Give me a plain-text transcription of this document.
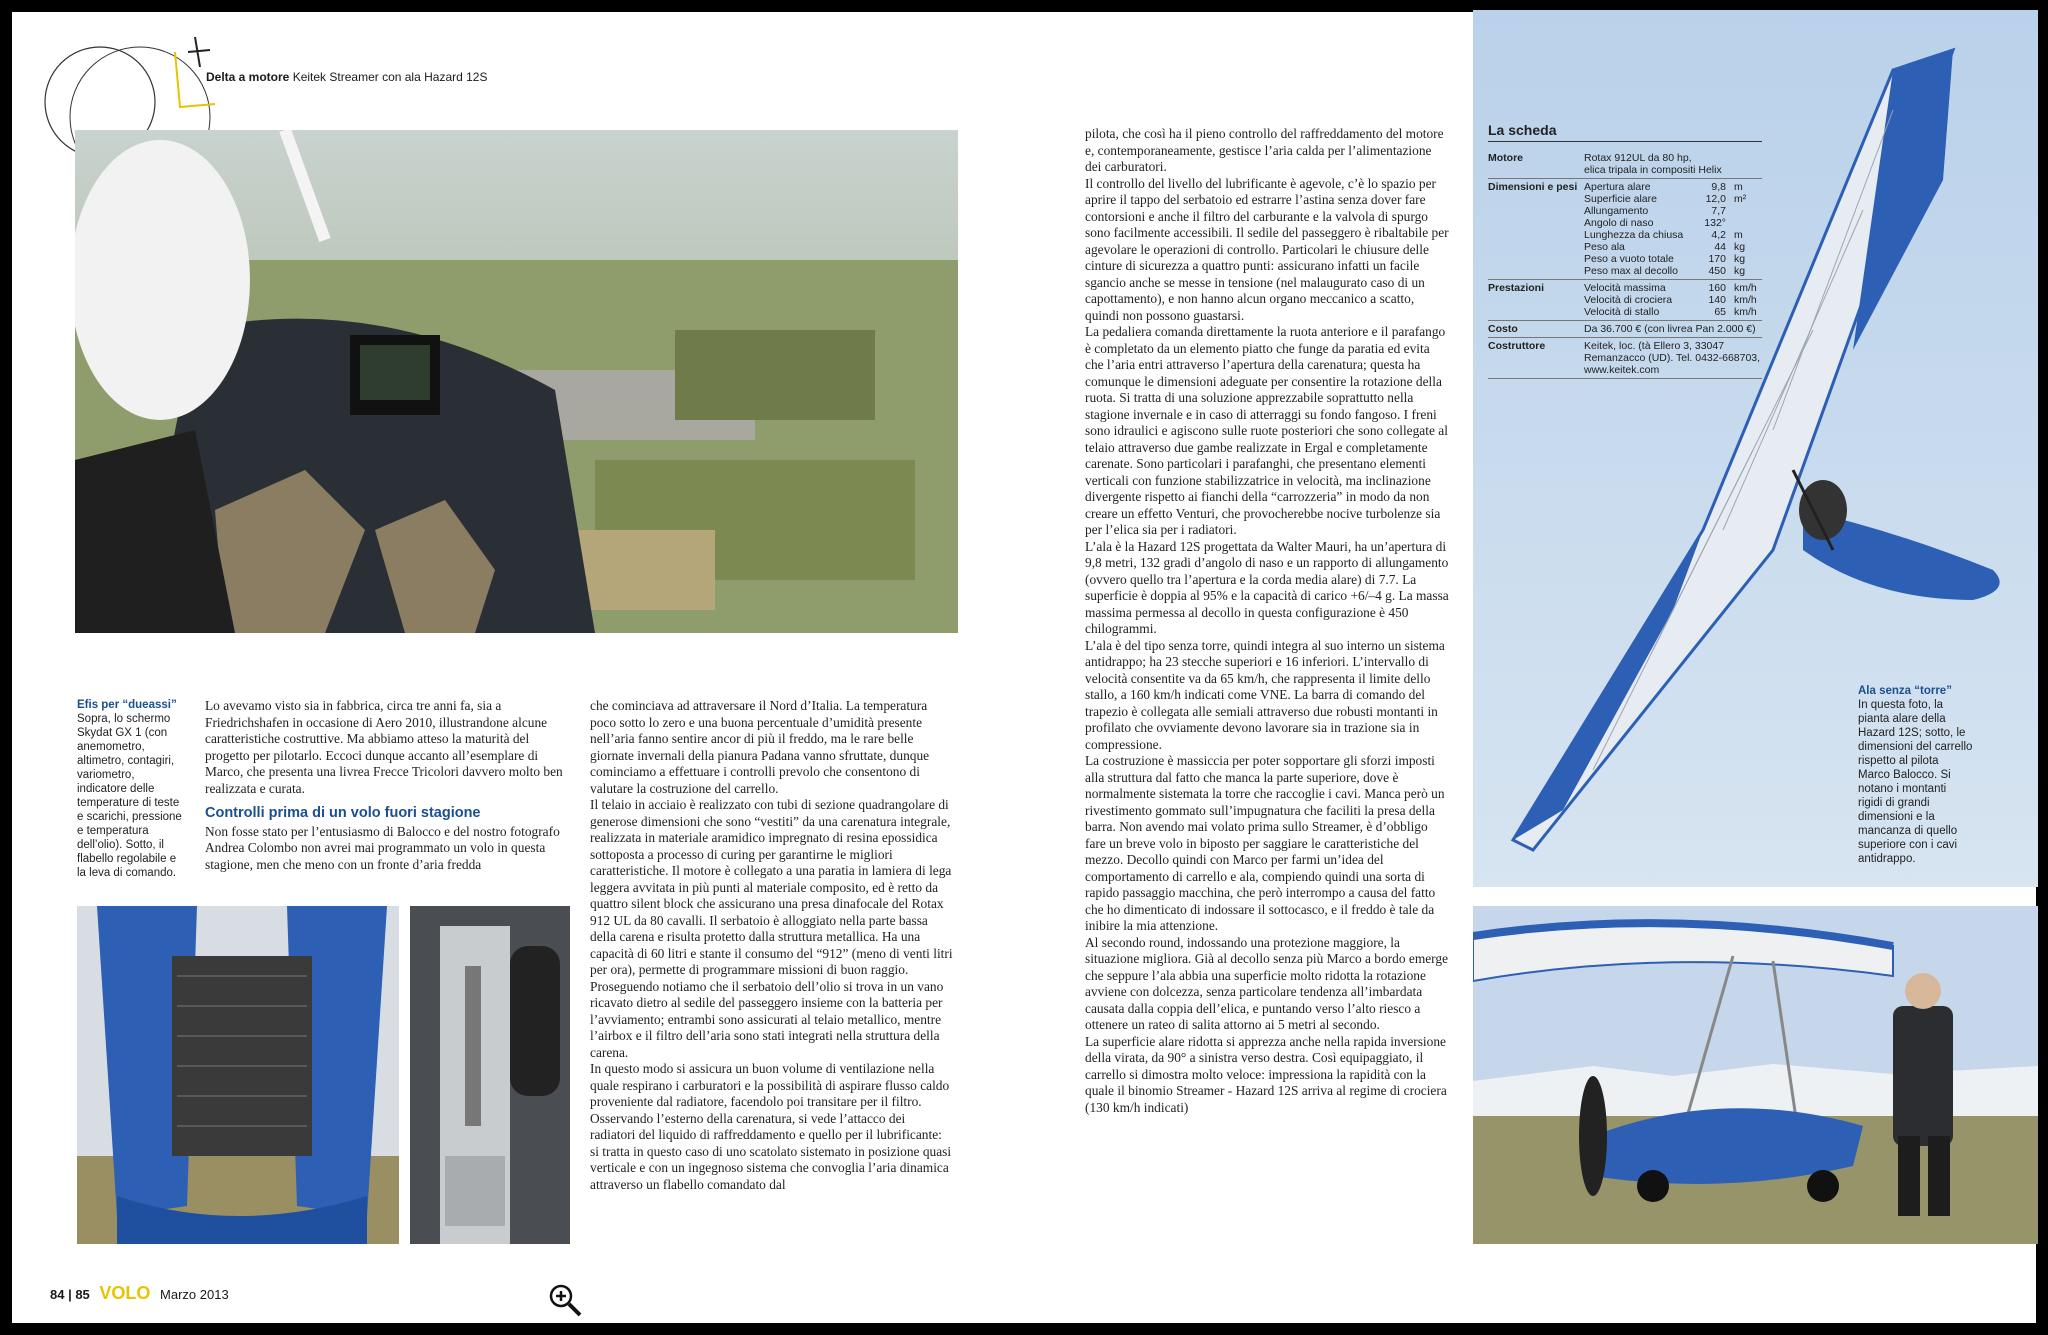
Delta a motore Keitek Streamer con ala Hazard 12S
Efis per “dueassi”
Sopra, lo schermo Skydat GX 1 (con anemometro, altimetro, contagiri, variometro, indicatore delle temperature di teste e scarichi, pressione e temperatura dell’olio). Sotto, il flabello regolabile e la leva di comando.

Lo avevamo visto sia in fabbrica, circa tre anni fa, sia a Friedrichshafen in occasione di Aero 2010, illustrandone alcune caratteristiche costruttive. Ma abbiamo atteso la maturità del progetto per pilotarlo. Eccoci dunque accanto all’esemplare di Marco, che presenta una livrea Frecce Tricolori davvero molto ben realizzata e curata.

Controlli prima di un volo fuori stagione

Non fosse stato per l’entusiasmo di Balocco e del nostro fotografo Andrea Colombo non avrei mai programmato un volo in questa stagione, men che meno con un fronte d’aria fredda

che cominciava ad attraversare il Nord d’Italia. La temperatura poco sotto lo zero e una buona percentuale d’umidità presente nell’aria fanno sentire ancor di più il freddo, ma le rare belle giornate invernali della pianura Padana vanno sfruttate, dunque cominciamo a effettuare i controlli prevolo che consentono di valutare la costruzione del carrello.

Il telaio in acciaio è realizzato con tubi di sezione quadrangolare di generose dimensioni che sono “vestiti” da una carenatura integrale, realizzata in materiale aramidico impregnato di resina epossidica sottoposta a processo di curing per garantirne le migliori caratteristiche. Il motore è collegato a una paratia in lamiera di lega leggera avvitata in più punti al materiale composito, ed è retto da quattro silent block che assicurano una presa dinafocale del Rotax 912 UL da 80 cavalli. Il serbatoio è alloggiato nella parte bassa della carena e risulta protetto dalla struttura metallica. Ha una capacità di 60 litri e stante il consumo del “912” (meno di venti litri per ora), permette di programmare missioni di buon raggio. Proseguendo notiamo che il serbatoio dell’olio si trova in un vano ricavato dietro al sedile del passeggero insieme con la batteria per l’avviamento; entrambi sono assicurati al telaio metallico, mentre l’airbox e il filtro dell’aria sono stati integrati nella struttura della carena.

In questo modo si assicura un buon volume di ventilazione nella quale respirano i carburatori e la possibilità di aspirare flusso caldo proveniente dal radiatore, facendolo poi transitare per il filtro. Osservando l’esterno della carenatura, si vede l’attacco dei radiatori del liquido di raffreddamento e quello per il lubrificante: si tratta in questo caso di uno scatolato sistemato in posizione quasi verticale e con un ingegnoso sistema che convoglia l’aria dinamica attraverso un flabello comandato dal

pilota, che così ha il pieno controllo del raffreddamento del motore e, contemporaneamente, gestisce l’aria calda per l’alimentazione dei carburatori.

Il controllo del livello del lubrificante è agevole, c’è lo spazio per aprire il tappo del serbatoio ed estrarre l’astina senza dover fare contorsioni e anche il filtro del carburante e la valvola di spurgo sono facilmente accessibili. Il sedile del passeggero è ribaltabile per agevolare le operazioni di controllo. Particolari le chiusure delle cinture di sicurezza a quattro punti: assicurano infatti un facile sgancio anche se messe in tensione (nel malaugurato caso di un capottamento), e non hanno alcun organo meccanico a scatto, quindi non possono guastarsi.

La pedaliera comanda direttamente la ruota anteriore e il parafango è completato da un elemento piatto che funge da paratia ed evita che l’aria entri attraverso l’apertura della carenatura; questa ha comunque le dimensioni adeguate per consentire la rotazione della ruota. Si tratta di una soluzione apprezzabile soprattutto nella stagione invernale e in caso di atterraggi su fondo fangoso. I freni sono idraulici e agiscono sulle ruote posteriori che sono collegate al telaio attraverso due gambe realizzate in Ergal e completamente carenate. Sono particolari i parafanghi, che presentano elementi verticali con funzione stabilizzatrice in velocità, ma inclinazione divergente rispetto ai fianchi della “carrozzeria” in modo da non creare un effetto Venturi, che provocherebbe nocive turbolenze sia per l’elica sia per i radiatori.

L’ala è la Hazard 12S progettata da Walter Mauri, ha un’apertura di 9,8 metri, 132 gradi d’angolo di naso e un rapporto di allungamento (ovvero quello tra l’apertura e la corda media alare) di 7.7. La superficie è doppia al 95% e la capacità di carico +6/–4 g. La massa massima permessa al decollo in questa configurazione è 450 chilogrammi.

L’ala è del tipo senza torre, quindi integra al suo interno un sistema antidrappo; ha 23 stecche superiori e 16 inferiori. L’intervallo di velocità consentite va da 65 km/h, che rappresenta il limite dello stallo, a 160 km/h indicati come VNE. La barra di comando del trapezio è collegata alle semiali attraverso due robusti montanti in profilato che ovviamente devono lavorare sia in trazione sia in compressione.

La costruzione è massiccia per poter sopportare gli sforzi imposti alla struttura dal fatto che manca la parte superiore, dove è normalmente sistemata la torre che raccoglie i cavi. Manca però un rivestimento gommato sull’impugnatura che faciliti la presa della barra. Non avendo mai volato prima sullo Streamer, è d’obbligo fare un breve volo in biposto per saggiare le caratteristiche del mezzo. Decollo quindi con Marco per farmi un’idea del comportamento di carrello e ala, compiendo quindi una sorta di rapido passaggio macchina, che però interrompo a causa del fatto che ho dimenticato di indossare il sottocasco, e il freddo è tale da inibire la mia attenzione.

Al secondo round, indossando una protezione maggiore, la situazione migliora. Già al decollo senza più Marco a bordo emerge che seppure l’ala abbia una superficie molto ridotta la rotazione avviene con dolcezza, senza particolare tendenza all’imbardata causata dalla coppia dell’elica, e puntando verso l’alto riesco a ottenere un rateo di salita attorno ai 5 metri al secondo.

La superficie alare ridotta si apprezza anche nella rapida inversione della virata, da 90° a sinistra verso destra. Così equipaggiato, il carrello si dimostra molto veloce: impressiona la rapidità con la quale il binomio Streamer - Hazard 12S arriva al regime di crociera (130 km/h indicati)

La scheda
Motore	Rotax 912UL da 80 hp,
elica tripala in compositi Helix
Dimensioni e pesi Apertura alare	9,8 m
Superficie alare	12,0 m²
Allungamento	7,7
Angolo di naso	132°
Lunghezza da chiusa	4,2 m
Peso ala	44 kg
Peso a vuoto totale	170 kg
Peso max al decollo	450 kg
Prestazioni	Velocità massima	160 km/h
Velocità di crociera	140 km/h
Velocità di stallo	65 km/h
Costo	Da 36.700 € (con livrea Pan 2.000 €)
Costruttore	Keitek, loc. (tà Ellero 3, 33047
Remanzacco (UD). Tel. 0432-668703,
www.keitek.com
Ala senza “torre”
In questa foto, la pianta alare della Hazard 12S; sotto, le dimensioni del carrello rispetto al pilota Marco Balocco. Si notano i montanti rigidi di grandi dimensioni e la mancanza di quello superiore con i cavi antidrappo.
84 | 85 VOLO Marzo 2013
